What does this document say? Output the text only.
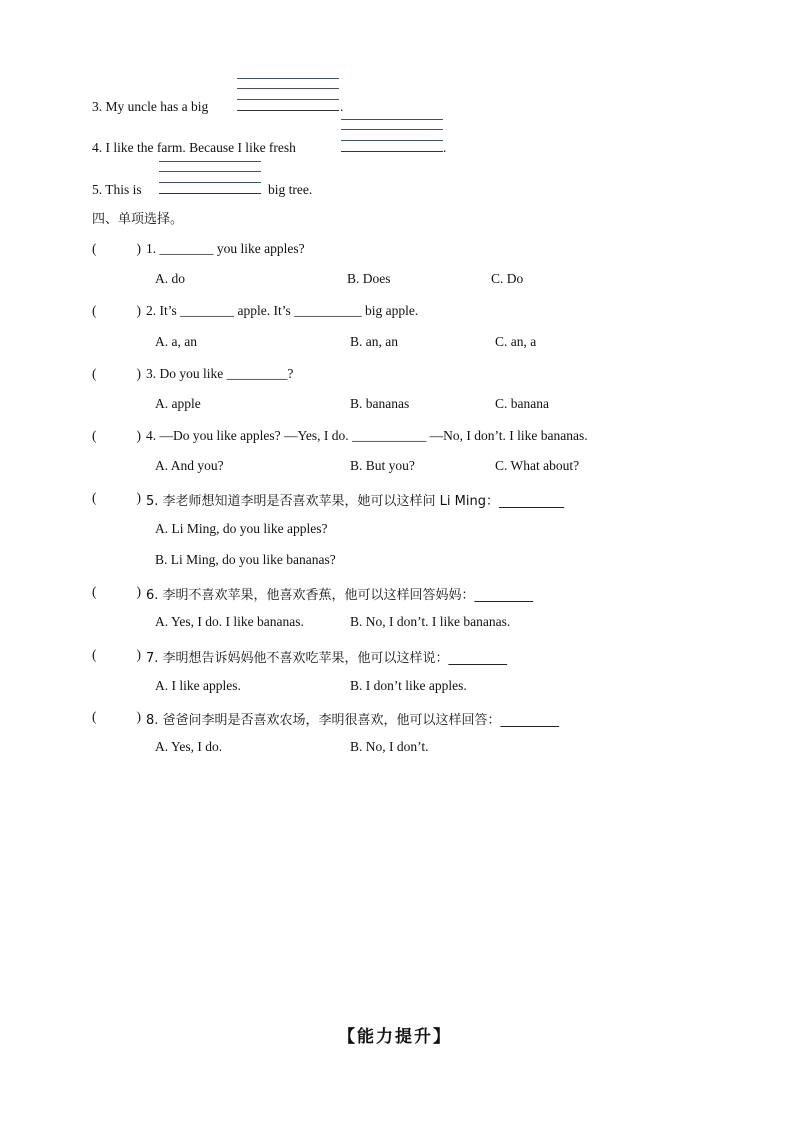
3. My uncle has a big	.
4. I like the farm. Because I like fresh	.
5. This is	big tree.
四、单项选择。
(	) 1. ________ you like apples?
A. do	B. Does	C. Do
(	) 2. It’s ________ apple. It’s __________ big apple.
A. a, an	B. an, an	C. an, a
(	) 3. Do you like _________?
A. apple	B. bananas	C. banana
(	) 4. —Do you like apples? —Yes, I do. ___________ —No, I don’t. I like bananas.
A. And you?	B. But you?	C. What about?
(	) 5. 李老师想知道李明是否喜欢苹果，她可以这样问 Li Ming：__________
A. Li Ming, do you like apples?
B. Li Ming, do you like bananas?
(	) 6. 李明不喜欢苹果，他喜欢香蕉，他可以这样回答妈妈：_________
A. Yes, I do. I like bananas.	B. No, I don’t. I like bananas.
(	) 7. 李明想告诉妈妈他不喜欢吃苹果，他可以这样说：_________
A. I like apples.	B. I don’t like apples.
(	) 8. 爸爸问李明是否喜欢农场，李明很喜欢，他可以这样回答：_________
A. Yes, I do.	B. No, I don’t.
【能力提升】
